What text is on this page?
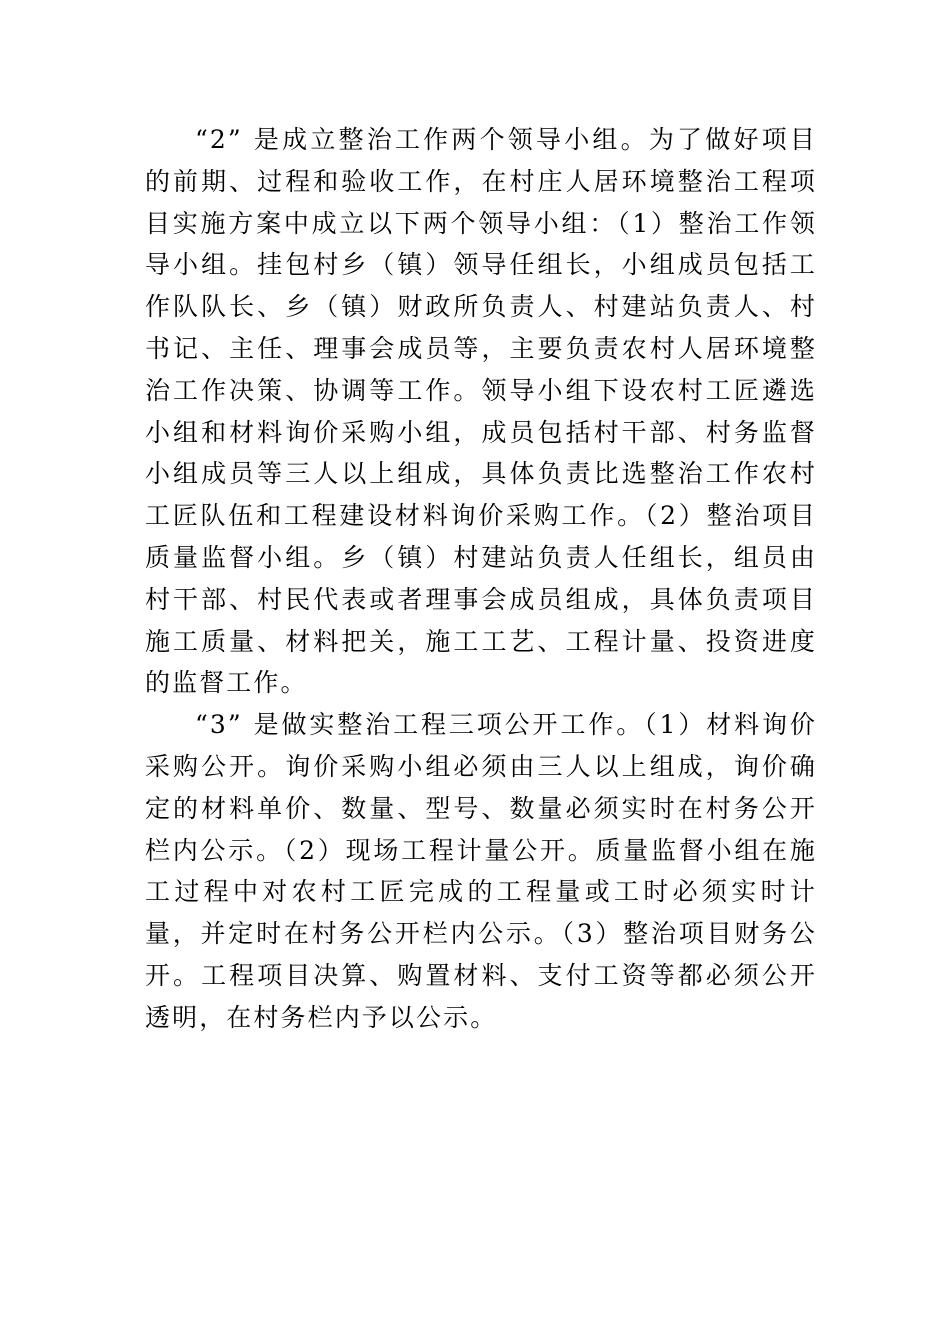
“2” 是成立整治工作两个领导小组。为了做好项目的前期、过程和验收工作，在村庄人居环境整治工程项目实施方案中成立以下两个领导小组：（1）整治工作领导小组。挂包村乡（镇）领导任组长，小组成员包括工作队队长、乡（镇）财政所负责人、村建站负责人、村书记、主任、理事会成员等，主要负责农村人居环境整治工作决策、协调等工作。领导小组下设农村工匠遴选小组和材料询价采购小组，成员包括村干部、村务监督小组成员等三人以上组成，具体负责比选整治工作农村工匠队伍和工程建设材料询价采购工作。（2）整治项目质量监督小组。乡（镇）村建站负责人任组长，组员由村干部、村民代表或者理事会成员组成，具体负责项目施工质量、材料把关，施工工艺、工程计量、投资进度的监督工作。

“3” 是做实整治工程三项公开工作。（1）材料询价采购公开。询价采购小组必须由三人以上组成，询价确定的材料单价、数量、型号、数量必须实时在村务公开栏内公示。（2）现场工程计量公开。质量监督小组在施工过程中对农村工匠完成的工程量或工时必须实时计量，并定时在村务公开栏内公示。（3）整治项目财务公开。工程项目决算、购置材料、支付工资等都必须公开透明，在村务栏内予以公示。
